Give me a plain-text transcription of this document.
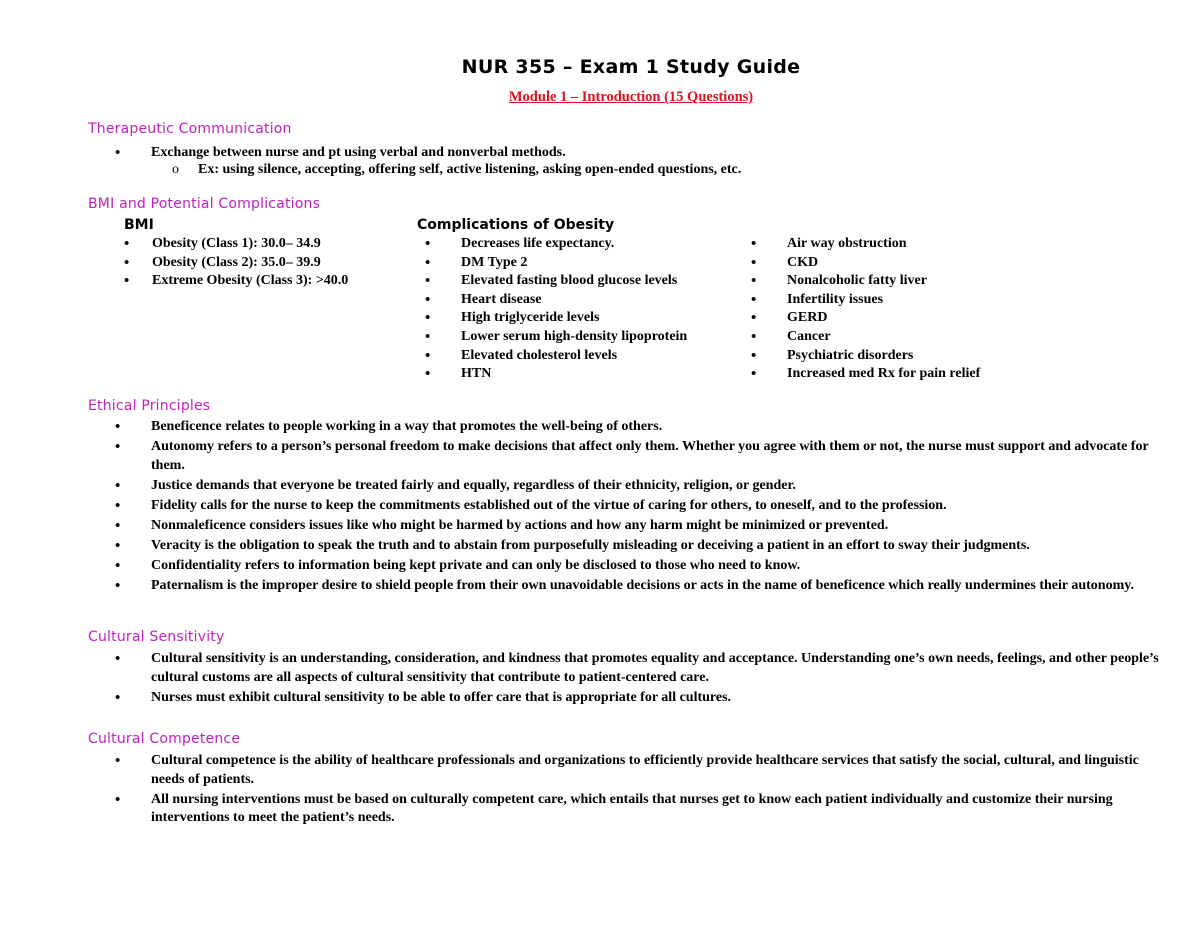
NUR 355 – Exam 1 Study Guide
Module 1 – Introduction (15 Questions)
Therapeutic Communication
• Exchange between nurse and pt using verbal and nonverbal methods.
o Ex: using silence, accepting, offering self, active listening, asking open-ended questions, etc.
BMI and Potential Complications
BMI	Complications of Obesity
• Obesity (Class 1): 30.0– 34.9
• Obesity (Class 2): 35.0– 39.9
• Extreme Obesity (Class 3): >40.0
• Decreases life expectancy.
• DM Type 2
• Elevated fasting blood glucose levels
• Heart disease
• High triglyceride levels
• Lower serum high-density lipoprotein
• Elevated cholesterol levels
• HTN
• Air way obstruction
• CKD
• Nonalcoholic fatty liver
• Infertility issues
• GERD
• Cancer
• Psychiatric disorders
• Increased med Rx for pain relief
Ethical Principles
• Beneficence relates to people working in a way that promotes the well-being of others.
• Autonomy refers to a person’s personal freedom to make decisions that affect only them. Whether you agree with them or not, the nurse must support and advocate for them.
• Justice demands that everyone be treated fairly and equally, regardless of their ethnicity, religion, or gender.
• Fidelity calls for the nurse to keep the commitments established out of the virtue of caring for others, to oneself, and to the profession.
• Nonmaleficence considers issues like who might be harmed by actions and how any harm might be minimized or prevented.
• Veracity is the obligation to speak the truth and to abstain from purposefully misleading or deceiving a patient in an effort to sway their judgments.
• Confidentiality refers to information being kept private and can only be disclosed to those who need to know.
• Paternalism is the improper desire to shield people from their own unavoidable decisions or acts in the name of beneficence which really undermines their autonomy.
Cultural Sensitivity
• Cultural sensitivity is an understanding, consideration, and kindness that promotes equality and acceptance. Understanding one’s own needs, feelings, and other people’s cultural customs are all aspects of cultural sensitivity that contribute to patient-centered care.
• Nurses must exhibit cultural sensitivity to be able to offer care that is appropriate for all cultures.
Cultural Competence
• Cultural competence is the ability of healthcare professionals and organizations to efficiently provide healthcare services that satisfy the social, cultural, and linguistic needs of patients.
• All nursing interventions must be based on culturally competent care, which entails that nurses get to know each patient individually and customize their nursing interventions to meet the patient’s needs.
